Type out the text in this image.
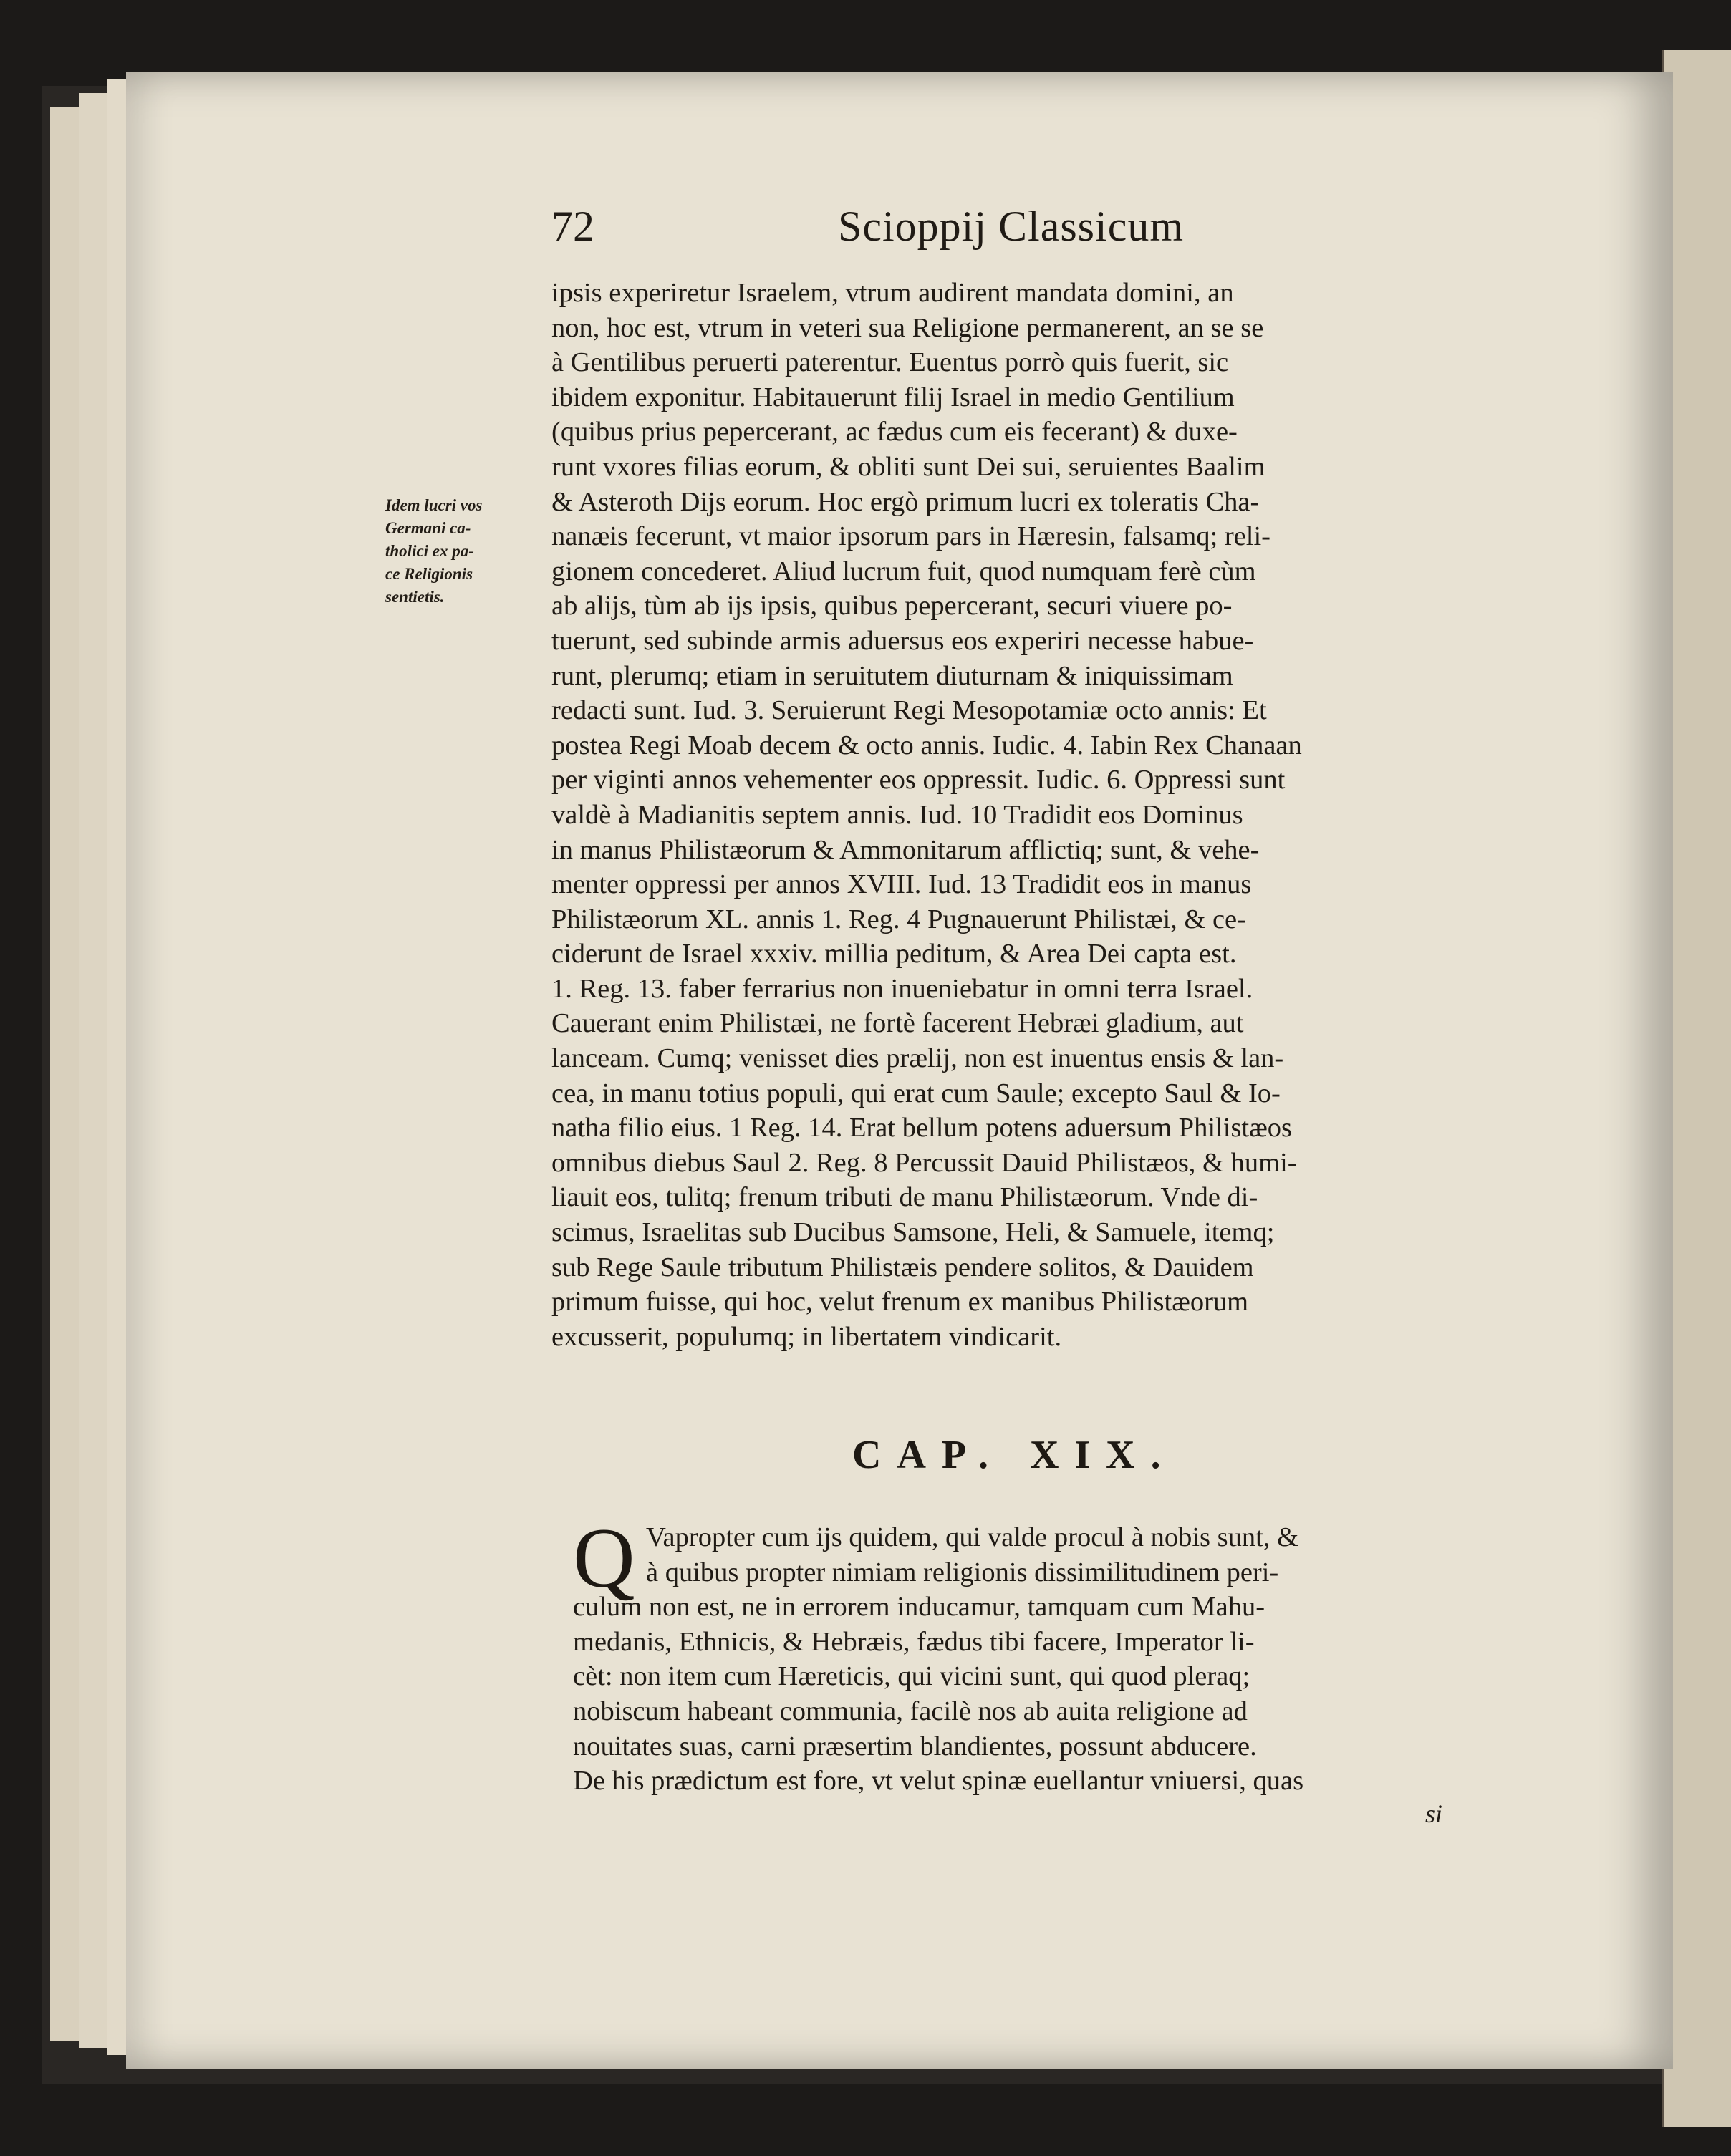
72	Scioppij Classicum
Idem lucri vos
Germani ca-
tholici ex pa-
ce Religionis
sentietis.
ipsis experiretur Israelem, vtrum audirent mandata domini, an
non, hoc est, vtrum in veteri sua Religione permanerent, an se se
à Gentilibus peruerti paterentur. Euentus porrò quis fuerit, sic
ibidem exponitur. Habitauerunt filij Israel in medio Gentilium
(quibus prius pepercerant, ac fædus cum eis fecerant) & duxe-
runt vxores filias eorum, & obliti sunt Dei sui, seruientes Baalim
& Asteroth Dijs eorum. Hoc ergò primum lucri ex toleratis Cha-
nanæis fecerunt, vt maior ipsorum pars in Hæresin, falsamq; reli-
gionem concederet. Aliud lucrum fuit, quod numquam ferè cùm
ab alijs, tùm ab ijs ipsis, quibus pepercerant, securi viuere po-
tuerunt, sed subinde armis aduersus eos experiri necesse habue-
runt, plerumq; etiam in seruitutem diuturnam & iniquissimam
redacti sunt. Iud. 3. Seruierunt Regi Mesopotamiæ octo annis: Et
postea Regi Moab decem & octo annis. Iudic. 4. Iabin Rex Chanaan
per viginti annos vehementer eos oppressit. Iudic. 6. Oppressi sunt
valdè à Madianitis septem annis. Iud. 10 Tradidit eos Dominus
in manus Philistæorum & Ammonitarum afflictiq; sunt, & vehe-
menter oppressi per annos XVIII. Iud. 13 Tradidit eos in manus
Philistæorum XL. annis 1. Reg. 4 Pugnauerunt Philistæi, & ce-
ciderunt de Israel xxxiv. millia peditum, & Area Dei capta est.
1. Reg. 13. faber ferrarius non inueniebatur in omni terra Israel.
Cauerant enim Philistæi, ne fortè facerent Hebræi gladium, aut
lanceam. Cumq; venisset dies prælij, non est inuentus ensis & lan-
cea, in manu totius populi, qui erat cum Saule; excepto Saul & Io-
natha filio eius. 1 Reg. 14. Erat bellum potens aduersum Philistæos
omnibus diebus Saul 2. Reg. 8 Percussit Dauid Philistæos, & humi-
liauit eos, tulitq; frenum tributi de manu Philistæorum. Vnde di-
scimus, Israelitas sub Ducibus Samsone, Heli, & Samuele, itemq;
sub Rege Saule tributum Philistæis pendere solitos, & Dauidem
primum fuisse, qui hoc, velut frenum ex manibus Philistæorum
excusserit, populumq; in libertatem vindicarit.
CAP. XIX.
Q Vapropter cum ijs quidem, qui valde procul à nobis sunt, &
à quibus propter nimiam religionis dissimilitudinem peri-
culum non est, ne in errorem inducamur, tamquam cum Mahu-
medanis, Ethnicis, & Hebræis, fædus tibi facere, Imperator li-
cèt: non item cum Hæreticis, qui vicini sunt, qui quod pleraq;
nobiscum habeant communia, facilè nos ab auita religione ad
nouitates suas, carni præsertim blandientes, possunt abducere.
De his prædictum est fore, vt velut spinæ euellantur vniuersi, quas
si
